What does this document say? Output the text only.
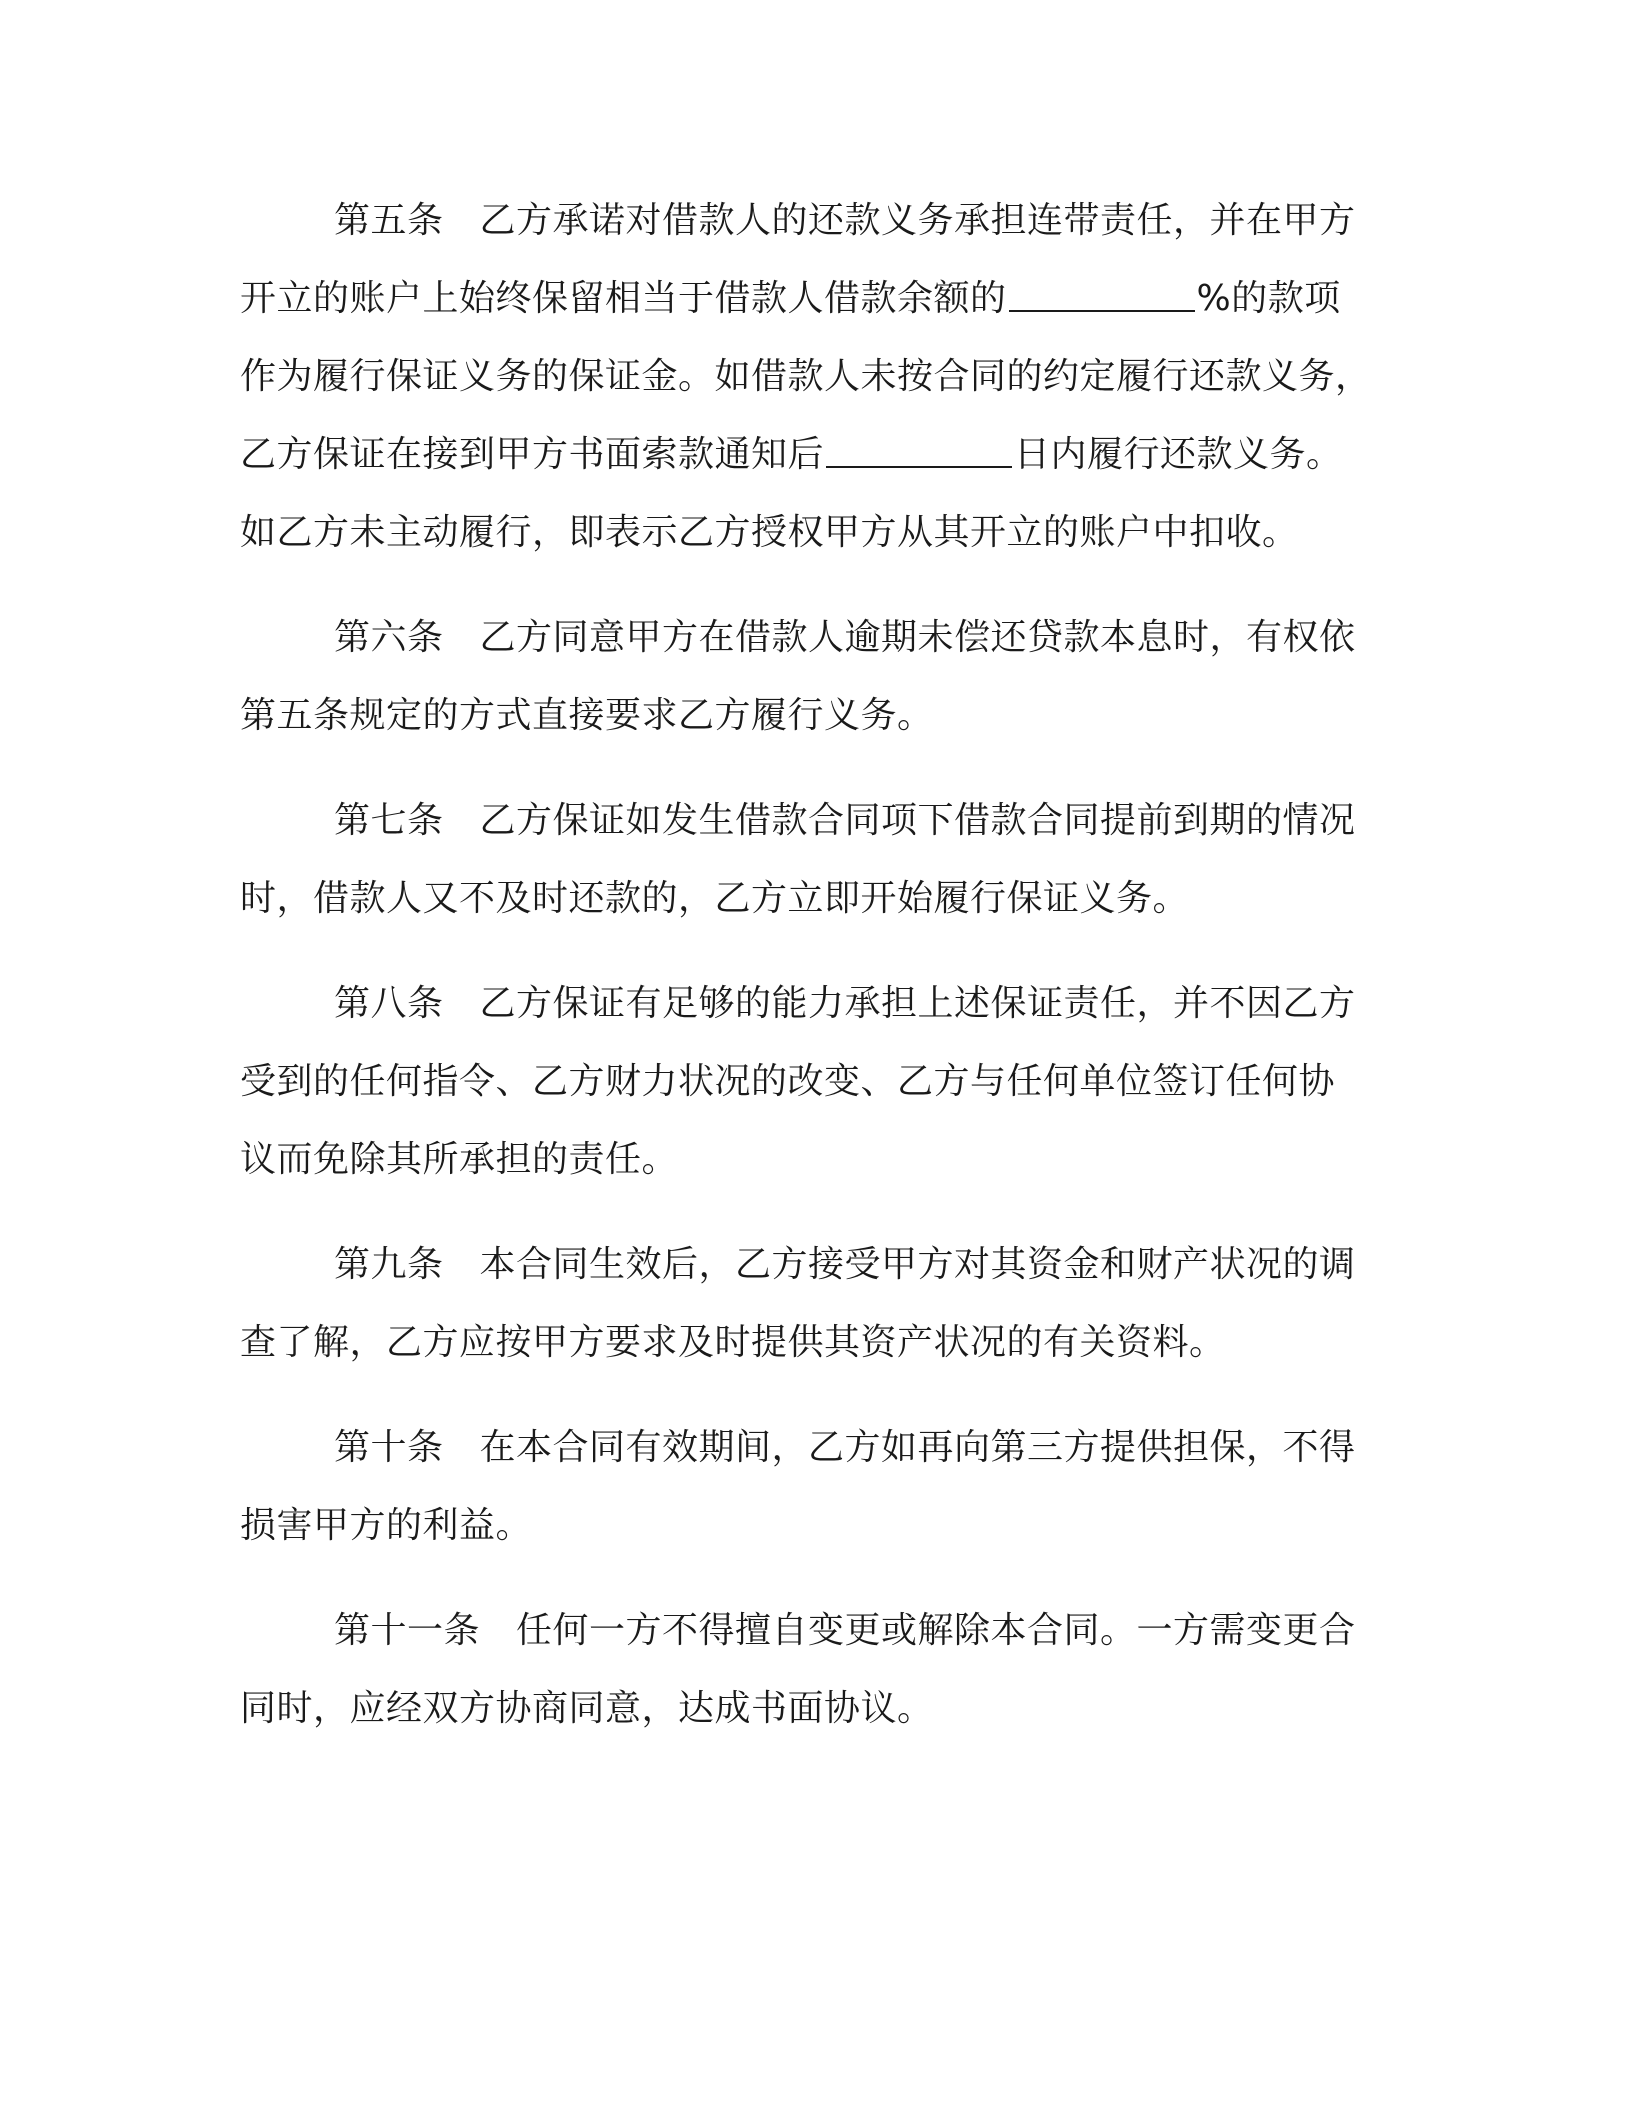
第五条 乙方承诺对借款人的还款义务承担连带责任，并在甲方
开立的账户上始终保留相当于借款人借款余额的	%的款项
作为履行保证义务的保证金。如借款人未按合同的约定履行还款义务，
乙方保证在接到甲方书面索款通知后	日内履行还款义务。
如乙方未主动履行，即表示乙方授权甲方从其开立的账户中扣收。
第六条 乙方同意甲方在借款人逾期未偿还贷款本息时，有权依
第五条规定的方式直接要求乙方履行义务。
第七条 乙方保证如发生借款合同项下借款合同提前到期的情况
时，借款人又不及时还款的，乙方立即开始履行保证义务。
第八条 乙方保证有足够的能力承担上述保证责任，并不因乙方
受到的任何指令、乙方财力状况的改变、乙方与任何单位签订任何协
议而免除其所承担的责任。
第九条 本合同生效后，乙方接受甲方对其资金和财产状况的调
查了解，乙方应按甲方要求及时提供其资产状况的有关资料。
第十条 在本合同有效期间，乙方如再向第三方提供担保，不得
损害甲方的利益。
第十一条 任何一方不得擅自变更或解除本合同。一方需变更合
同时，应经双方协商同意，达成书面协议。
